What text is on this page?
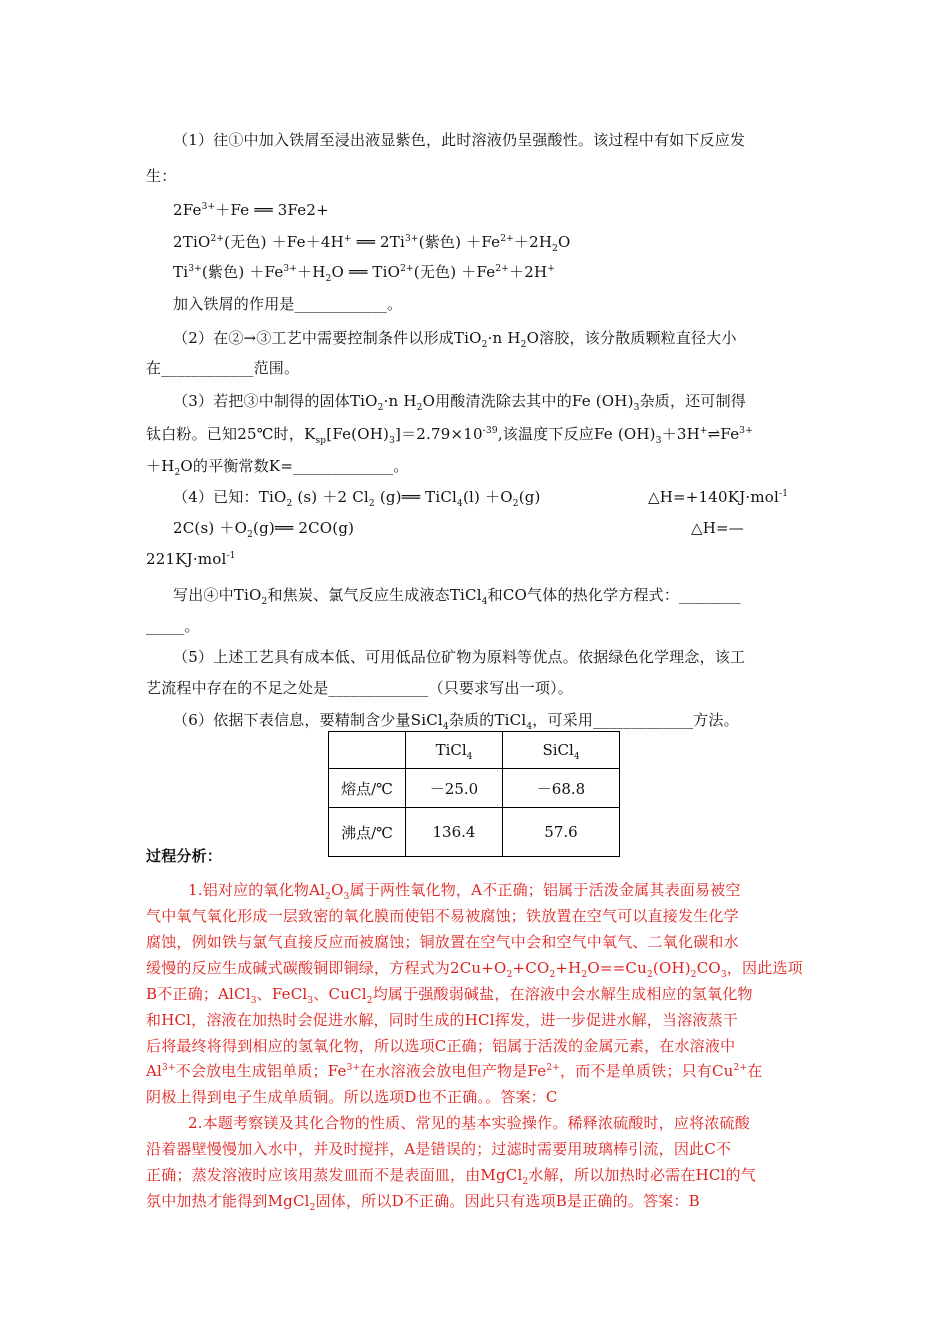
（1）往①中加入铁屑至浸出液显紫色，此时溶液仍呈强酸性。该过程中有如下反应发
生：
$2Fe^{3+}+Fe$ ══ 3Fe2+
2TiO$^{2+}$(无色) ＋Fe＋4H+ ══ $2Ti^{3+}$(紫色) $+Fe^{2+}+2H_2O$
$Ti^{3+}$(紫色) $+Fe^{3+}+H_2O$ ══ TiO$^{2+}$(无色) $+Fe^{2+}+2H^+$
加入铁屑的作用是____________。
（2）在②→③工艺中需要控制条件以形成TiO$_2$·n $H_2O$溶胶，该分散质颗粒直径大小
在____________范围。
（3）若把③中制得的固体TiO$_2$·n $H_2O$用酸清洗除去其中的Fe $(OH)_3$杂质，还可制得
钛白粉。已知25℃时，$K_{sp}[Fe(OH)_3]=2.79\times 10^{-39}$,该温度下反应Fe $(OH)_3+3H^+\rightleftharpoons Fe^{3+}$
$+H_2O$的平衡常数K=_____________。
（4）已知：TiO$_2$ (s) ＋2 $Cl_2$ (g)══ TiCl$_4$(l) $+O_2(g)$	△H=+140KJ·mol$^{-1}$
$2C(s) +O_2(g)══$ 2CO(g)	△H=—
221KJ·mol$^{-1}$
写出④中TiO$_2$和焦炭、氯气反应生成液态TiCl$_4$和CO气体的热化学方程式：________
_____。
（5）上述工艺具有成本低、可用低品位矿物为原料等优点。依据绿色化学理念，该工
艺流程中存在的不足之处是_____________（只要求写出一项）。
（6）依据下表信息，要精制含少量SiCl$_4$杂质的TiCl$_4$，可采用_____________方法。
	TiCl$_4$	SiCl$_4$
熔点/℃	－25.0	－68.8
沸点/℃	136.4	57.6
过程分析：
1.铝对应的氧化物$Al_2O_3$属于两性氧化物，A不正确；铝属于活泼金属其表面易被空
气中氧气氧化形成一层致密的氧化膜而使铝不易被腐蚀；铁放置在空气可以直接发生化学
腐蚀，例如铁与氯气直接反应而被腐蚀；铜放置在空气中会和空气中氧气、二氧化碳和水
缓慢的反应生成碱式碳酸铜即铜绿，方程式为$2Cu+O_2+CO_2+H_2O==Cu_2(OH)_2CO_3$，因此选项
B不正确；AlCl$_3$、FeCl$_3$、CuCl$_2$均属于强酸弱碱盐，在溶液中会水解生成相应的氢氧化物
和HCl，溶液在加热时会促进水解，同时生成的HCl挥发，进一步促进水解，当溶液蒸干
后将最终将得到相应的氢氧化物，所以选项C正确；铝属于活泼的金属元素，在水溶液中
$Al^{3+}$不会放电生成铝单质；$Fe^{3+}$在水溶液会放电但产物是$Fe^{2+}$，而不是单质铁；只有$Cu^{2+}$在
阴极上得到电子生成单质铜。所以选项D也不正确。。答案：C
2.本题考察镁及其化合物的性质、常见的基本实验操作。稀释浓硫酸时，应将浓硫酸
沿着器壁慢慢加入水中，并及时搅拌，A是错误的；过滤时需要用玻璃棒引流，因此C不
正确；蒸发溶液时应该用蒸发皿而不是表面皿，由MgCl$_2$水解，所以加热时必需在HCl的气
氛中加热才能得到MgCl$_2$固体，所以D不正确。因此只有选项B是正确的。答案：B
